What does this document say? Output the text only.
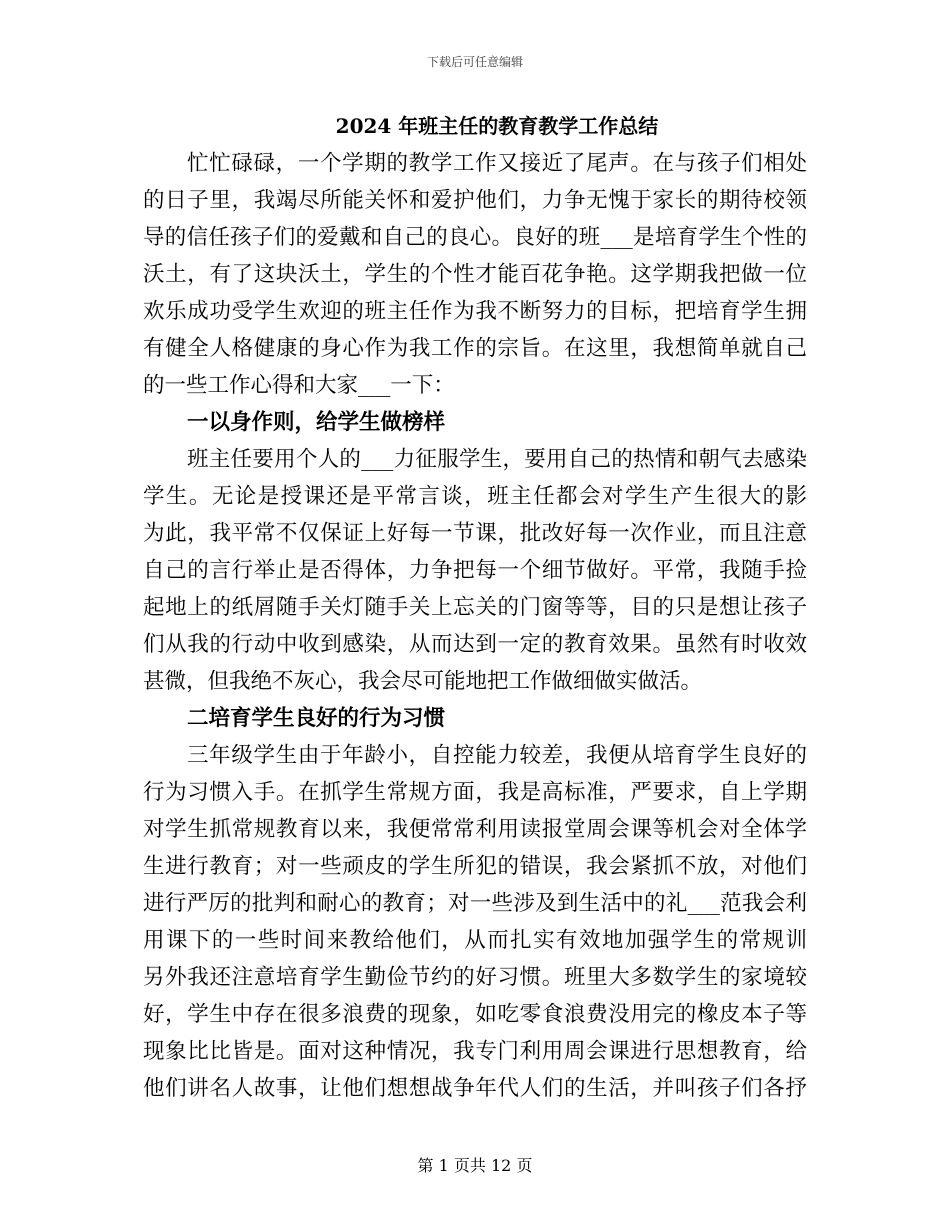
下载后可任意编辑
2024 年班主任的教育教学工作总结
忙忙碌碌，一个学期的教学工作又接近了尾声。在与孩子们相处
的日子里，我竭尽所能关怀和爱护他们，力争无愧于家长的期待校领
导的信任孩子们的爱戴和自己的良心。良好的班___是培育学生个性的
沃土，有了这块沃土，学生的个性才能百花争艳。这学期我把做一位
欢乐成功受学生欢迎的班主任作为我不断努力的目标，把培育学生拥
有健全人格健康的身心作为我工作的宗旨。在这里，我想简单就自己
的一些工作心得和大家___一下：
一以身作则，给学生做榜样
班主任要用个人的___力征服学生，要用自己的热情和朝气去感染
学生。无论是授课还是平常言谈，班主任都会对学生产生很大的影
为此，我平常不仅保证上好每一节课，批改好每一次作业，而且注意
自己的言行举止是否得体，力争把每一个细节做好。平常，我随手捡
起地上的纸屑随手关灯随手关上忘关的门窗等等，目的只是想让孩子
们从我的行动中收到感染，从而达到一定的教育效果。虽然有时收效
甚微，但我绝不灰心，我会尽可能地把工作做细做实做活。
二培育学生良好的行为习惯
三年级学生由于年龄小，自控能力较差，我便从培育学生良好的
行为习惯入手。在抓学生常规方面，我是高标准，严要求，自上学期
对学生抓常规教育以来，我便常常利用读报堂周会课等机会对全体学
生进行教育；对一些顽皮的学生所犯的错误，我会紧抓不放，对他们
进行严厉的批判和耐心的教育；对一些涉及到生活中的礼___范我会利
用课下的一些时间来教给他们，从而扎实有效地加强学生的常规训
另外我还注意培育学生勤俭节约的好习惯。班里大多数学生的家境较
好，学生中存在很多浪费的现象，如吃零食浪费没用完的橡皮本子等
现象比比皆是。面对这种情况，我专门利用周会课进行思想教育，给
他们讲名人故事，让他们想想战争年代人们的生活，并叫孩子们各抒
第 1 页共 12 页
